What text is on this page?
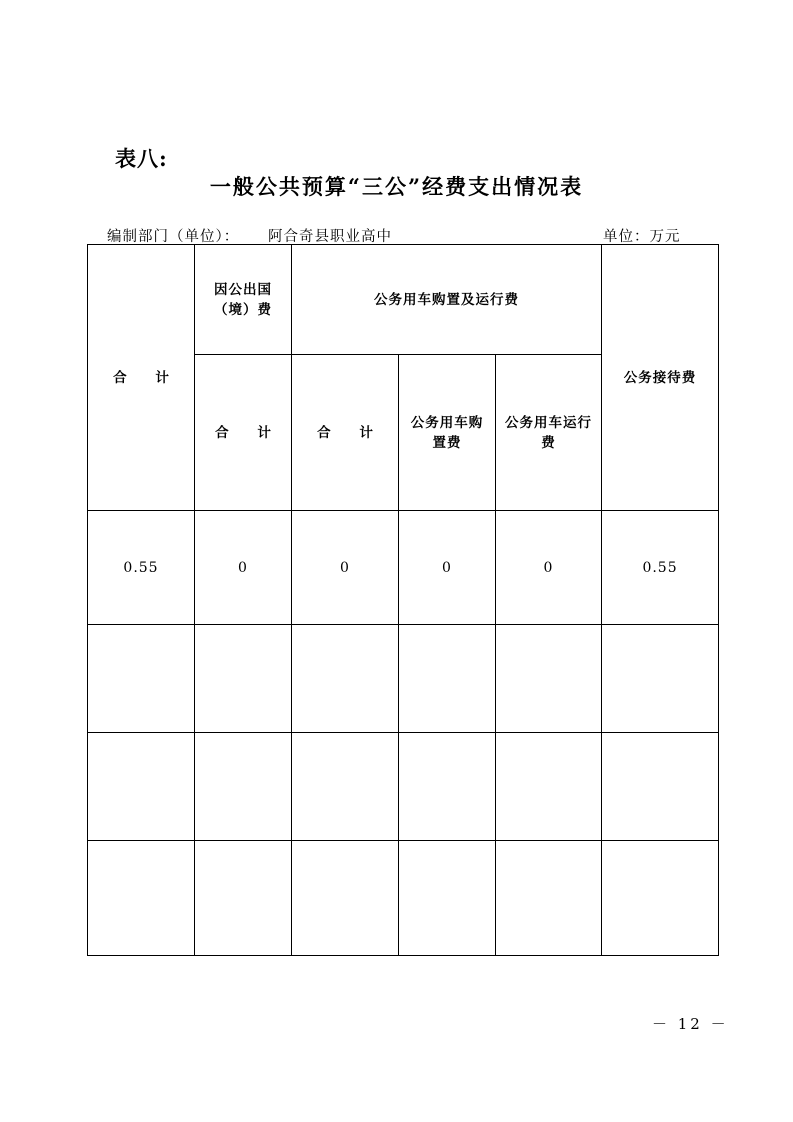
表八:
一般公共预算“三公”经费支出情况表
编制部门（单位）： 阿合奇县职业高中	单位：万元
合 计	因公出国（境）费	公务用车购置及运行费			公务接待费
	合 计	合 计	公务用车购置费	公务用车运行费	
0.55	0	0	0	0	0.55

－ 12 －
